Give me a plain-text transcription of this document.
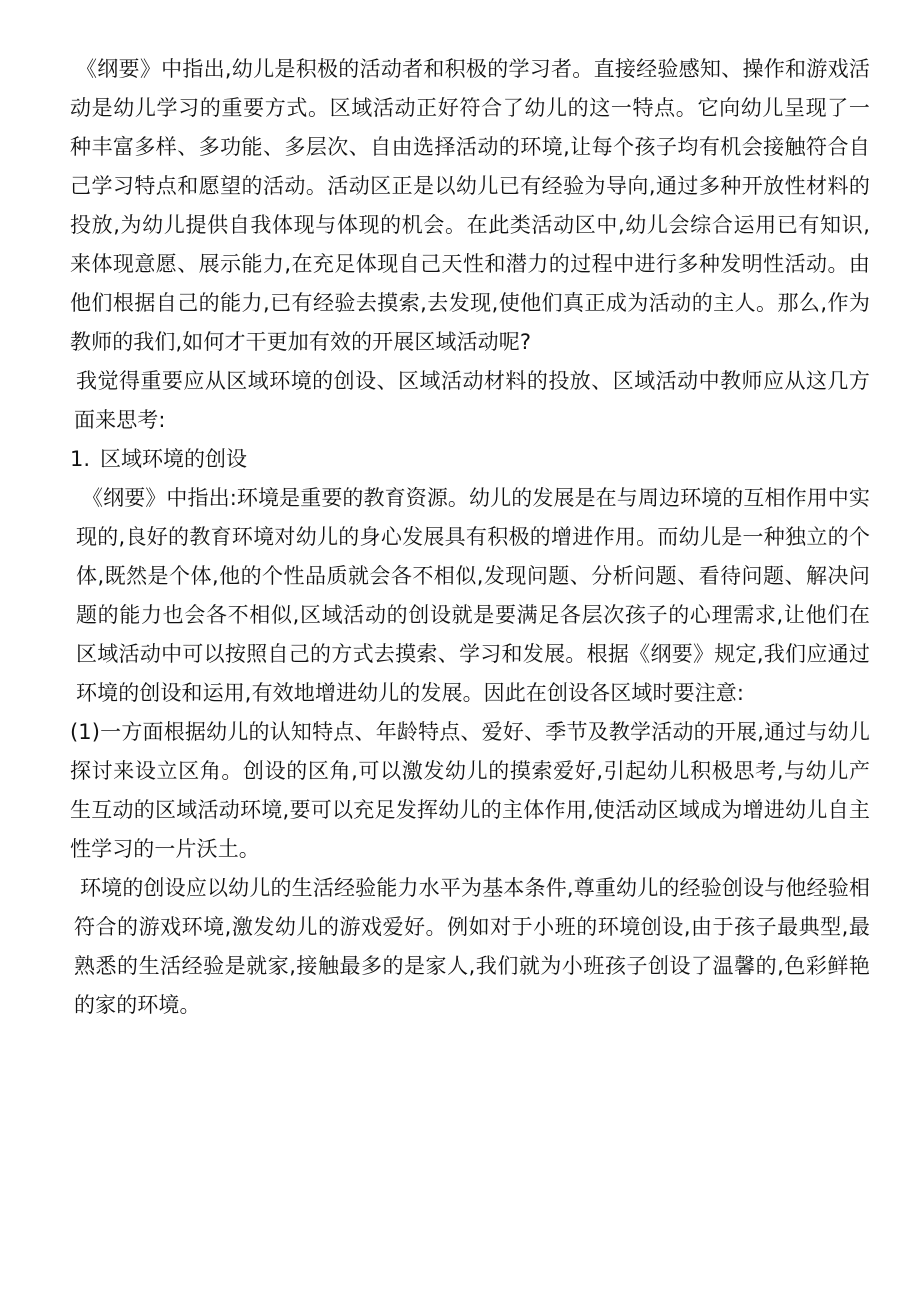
《纲要》中指出,幼儿是积极的活动者和积极的学习者。直接经验感知、操作和游戏活动是幼儿学习的重要方式。区域活动正好符合了幼儿的这一特点。它向幼儿呈现了一种丰富多样、多功能、多层次、自由选择活动的环境,让每个孩子均有机会接触符合自己学习特点和愿望的活动。活动区正是以幼儿已有经验为导向,通过多种开放性材料的投放,为幼儿提供自我体现与体现的机会。在此类活动区中,幼儿会综合运用已有知识,来体现意愿、展示能力,在充足体现自己天性和潜力的过程中进行多种发明性活动。由他们根据自己的能力,已有经验去摸索,去发现,使他们真正成为活动的主人。那么,作为教师的我们,如何才干更加有效的开展区域活动呢?

我觉得重要应从区域环境的创设、区域活动材料的投放、区域活动中教师应从这几方面来思考:

1. 区域环境的创设

《纲要》中指出:环境是重要的教育资源。幼儿的发展是在与周边环境的互相作用中实现的,良好的教育环境对幼儿的身心发展具有积极的增进作用。而幼儿是一种独立的个体,既然是个体,他的个性品质就会各不相似,发现问题、分析问题、看待问题、解决问题的能力也会各不相似,区域活动的创设就是要满足各层次孩子的心理需求,让他们在区域活动中可以按照自己的方式去摸索、学习和发展。根据《纲要》规定,我们应通过环境的创设和运用,有效地增进幼儿的发展。因此在创设各区域时要注意:

(1)一方面根据幼儿的认知特点、年龄特点、爱好、季节及教学活动的开展,通过与幼儿探讨来设立区角。创设的区角,可以激发幼儿的摸索爱好,引起幼儿积极思考,与幼儿产生互动的区域活动环境,要可以充足发挥幼儿的主体作用,使活动区域成为增进幼儿自主性学习的一片沃土。

环境的创设应以幼儿的生活经验能力水平为基本条件,尊重幼儿的经验创设与他经验相符合的游戏环境,激发幼儿的游戏爱好。例如对于小班的环境创设,由于孩子最典型,最熟悉的生活经验是就家,接触最多的是家人,我们就为小班孩子创设了温馨的,色彩鲜艳的家的环境。
